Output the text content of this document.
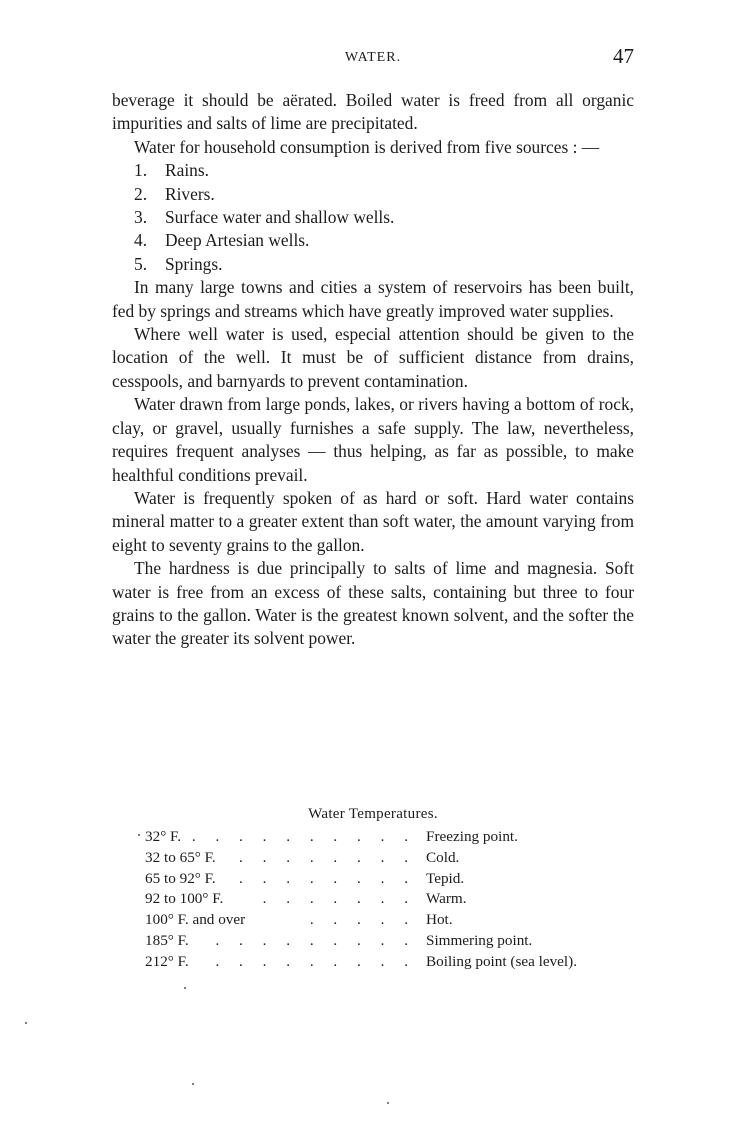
WATER.	47

beverage it should be aërated. Boiled water is freed from all organic impurities and salts of lime are precipitated.

Water for household consumption is derived from five sources : —

1. Rains.
2. Rivers.
3. Surface water and shallow wells.
4. Deep Artesian wells.
5. Springs.

In many large towns and cities a system of reservoirs has been built, fed by springs and streams which have greatly improved water supplies.

Where well water is used, especial attention should be given to the location of the well. It must be of sufficient distance from drains, cesspools, and barnyards to prevent contamination.

Water drawn from large ponds, lakes, or rivers having a bottom of rock, clay, or gravel, usually furnishes a safe supply. The law, nevertheless, requires frequent analyses — thus helping, as far as possible, to make healthful conditions prevail.

Water is frequently spoken of as hard or soft. Hard water contains mineral matter to a greater extent than soft water, the amount varying from eight to seventy grains to the gallon.

The hardness is due principally to salts of lime and magnesia. Soft water is free from an excess of these salts, containing but three to four grains to the gallon. Water is the greatest known solvent, and the softer the water the greater its solvent power.

Water Temperatures.
32° F. . . . . . . . . . . Freezing point.
32 to 65° F.	. . . . . . . . Cold.
65 to 92° F.	. . . . . . . . Tepid.
92 to 100° F.	. . . . . . . Warm.
100° F. and over	. . . . . Hot.
185° F.	. . . . . . . . . Simmering point.
212° F.	. . . . . . . . . Boiling point (sea level).
